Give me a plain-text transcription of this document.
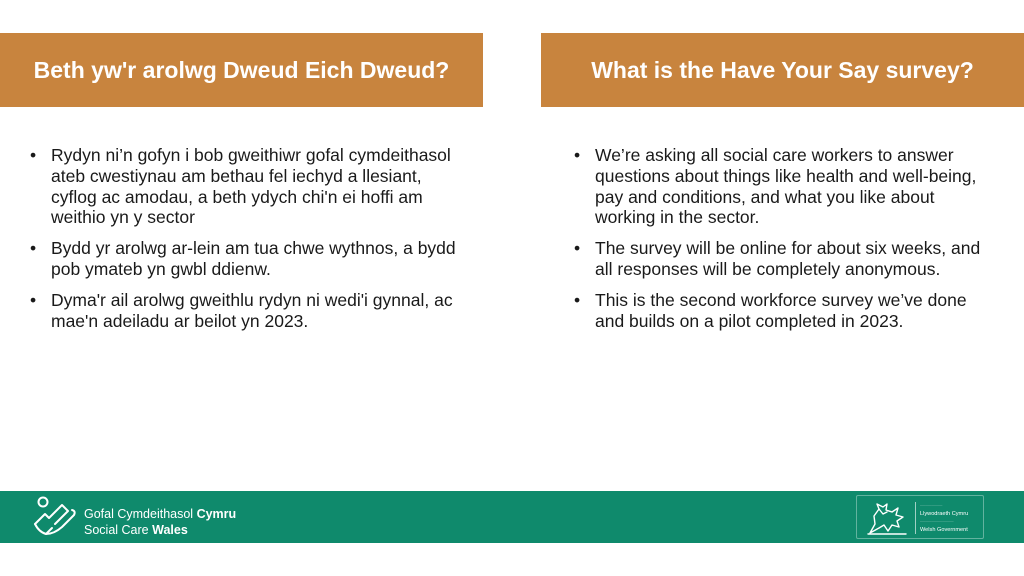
Beth yw'r arolwg Dweud Eich Dweud?	What is the Have Your Say survey?
• Rydyn ni’n gofyn i bob gweithiwr gofal cymdeithasol ateb cwestiynau am bethau fel iechyd a llesiant, cyflog ac amodau, a beth ydych chi'n ei hoffi am weithio yn y sector
• Bydd yr arolwg ar-lein am tua chwe wythnos, a bydd pob ymateb yn gwbl ddienw.
• Dyma'r ail arolwg gweithlu rydyn ni wedi'i gynnal, ac mae'n adeiladu ar beilot yn 2023.
• We’re asking all social care workers to answer questions about things like health and well-being, pay and conditions, and what you like about working in the sector.
• The survey will be online for about six weeks, and all responses will be completely anonymous.
• This is the second workforce survey we’ve done and builds on a pilot completed in 2023.
Gofal Cymdeithasol Cymru
Social Care Wales
————
Llywodraeth Cymru
——————
Welsh Government
